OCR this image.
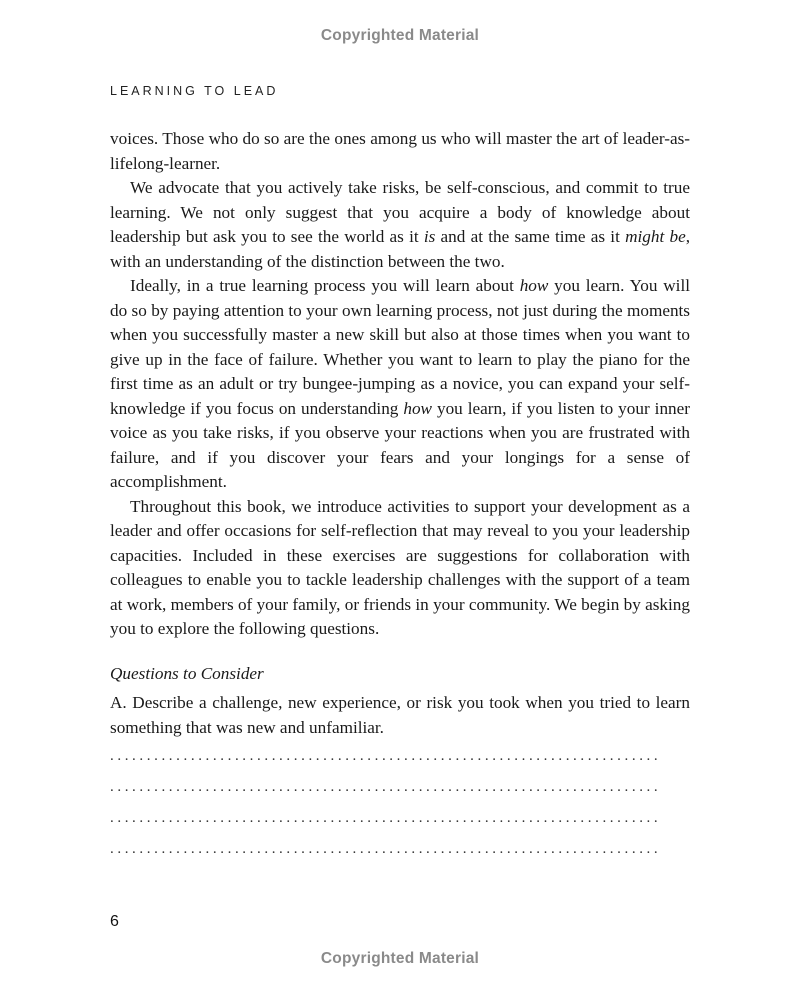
Copyrighted Material
LEARNING TO LEAD

voices. Those who do so are the ones among us who will master the art of leader-as-lifelong-learner.

We advocate that you actively take risks, be self-conscious, and commit to true learning. We not only suggest that you acquire a body of knowledge about leadership but ask you to see the world as it is and at the same time as it might be, with an understanding of the distinction between the two.

Ideally, in a true learning process you will learn about how you learn. You will do so by paying attention to your own learning process, not just during the moments when you successfully master a new skill but also at those times when you want to give up in the face of failure. Whether you want to learn to play the piano for the first time as an adult or try bungee-jumping as a novice, you can expand your self-knowledge if you focus on understanding how you learn, if you listen to your inner voice as you take risks, if you observe your reactions when you are frustrated with failure, and if you discover your fears and your longings for a sense of accomplishment.

Throughout this book, we introduce activities to support your development as a leader and offer occasions for self-reflection that may reveal to you your leadership capacities. Included in these exercises are suggestions for collaboration with colleagues to enable you to tackle leadership challenges with the support of a team at work, members of your family, or friends in your community. We begin by asking you to explore the following questions.

Questions to Consider
A. Describe a challenge, new experience, or risk you took when you tried to learn something that was new and unfamiliar.
...........................................................................
...........................................................................
...........................................................................
...........................................................................
6
Copyrighted Material
